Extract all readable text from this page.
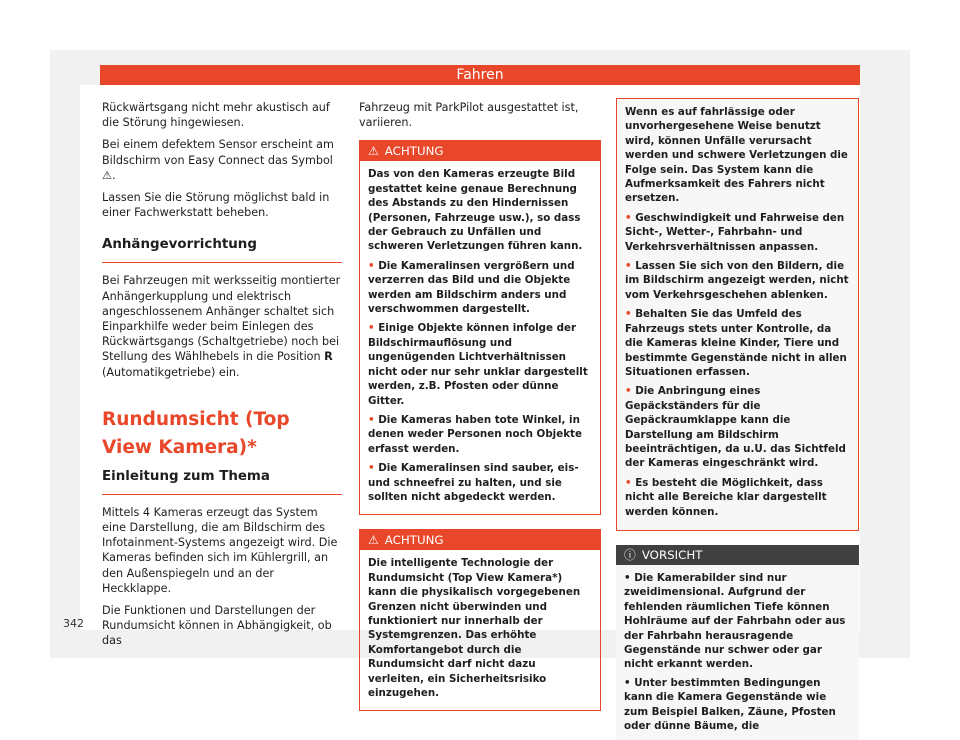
Fahren

Rückwärtsgang nicht mehr akustisch auf die Störung hingewiesen.

Bei einem defektem Sensor erscheint am Bildschirm von Easy Connect das Symbol ⚠.

Lassen Sie die Störung möglichst bald in einer Fachwerkstatt beheben.

Anhängevorrichtung

Bei Fahrzeugen mit werksseitig montierter Anhängerkupplung und elektrisch angeschlossenem Anhänger schaltet sich Einparkhilfe weder beim Einlegen des Rückwärtsgangs (Schaltgetriebe) noch bei Stellung des Wählhebels in die Position R (Automatikgetriebe) ein.

Rundumsicht (Top View Kamera)*
Einleitung zum Thema

Mittels 4 Kameras erzeugt das System eine Darstellung, die am Bildschirm des Infotainment-Systems angezeigt wird. Die Kameras befinden sich im Kühlergrill, an den Außenspiegeln und an der Heckklappe.

Die Funktionen und Darstellungen der Rundumsicht können in Abhängigkeit, ob das

Fahrzeug mit ParkPilot ausgestattet ist, variieren.

⚠ ACHTUNG

Das von den Kameras erzeugte Bild gestattet keine genaue Berechnung des Abstands zu den Hindernissen (Personen, Fahrzeuge usw.), so dass der Gebrauch zu Unfällen und schweren Verletzungen führen kann.

• Die Kameralinsen vergrößern und verzerren das Bild und die Objekte werden am Bildschirm anders und verschwommen dargestellt.

• Einige Objekte können infolge der Bildschirmauflösung und ungenügenden Lichtverhältnissen nicht oder nur sehr unklar dargestellt werden, z.B. Pfosten oder dünne Gitter.

• Die Kameras haben tote Winkel, in denen weder Personen noch Objekte erfasst werden.

• Die Kameralinsen sind sauber, eis- und schneefrei zu halten, und sie sollten nicht abgedeckt werden.

⚠ ACHTUNG

Die intelligente Technologie der Rundumsicht (Top View Kamera*) kann die physikalisch vorgegebenen Grenzen nicht überwinden und funktioniert nur innerhalb der Systemgrenzen. Das erhöhte Komfortangebot durch die Rundumsicht darf nicht dazu verleiten, ein Sicherheitsrisiko einzugehen.

Wenn es auf fahrlässige oder unvorhergesehene Weise benutzt wird, können Unfälle verursacht werden und schwere Verletzungen die Folge sein. Das System kann die Aufmerksamkeit des Fahrers nicht ersetzen.

• Geschwindigkeit und Fahrweise den Sicht-, Wetter-, Fahrbahn- und Verkehrsverhältnissen anpassen.

• Lassen Sie sich von den Bildern, die im Bildschirm angezeigt werden, nicht vom Verkehrsgeschehen ablenken.

• Behalten Sie das Umfeld des Fahrzeugs stets unter Kontrolle, da die Kameras kleine Kinder, Tiere und bestimmte Gegenstände nicht in allen Situationen erfassen.

• Die Anbringung eines Gepäckständers für die Gepäckraumklappe kann die Darstellung am Bildschirm beeinträchtigen, da u.U. das Sichtfeld der Kameras eingeschränkt wird.

• Es besteht die Möglichkeit, dass nicht alle Bereiche klar dargestellt werden können.

ⓘ VORSICHT

• Die Kamerabilder sind nur zweidimensional. Aufgrund der fehlenden räumlichen Tiefe können Hohlräume auf der Fahrbahn oder aus der Fahrbahn herausragende Gegenstände nur schwer oder gar nicht erkannt werden.

• Unter bestimmten Bedingungen kann die Kamera Gegenstände wie zum Beispiel Balken, Zäune, Pfosten oder dünne Bäume, die

342
